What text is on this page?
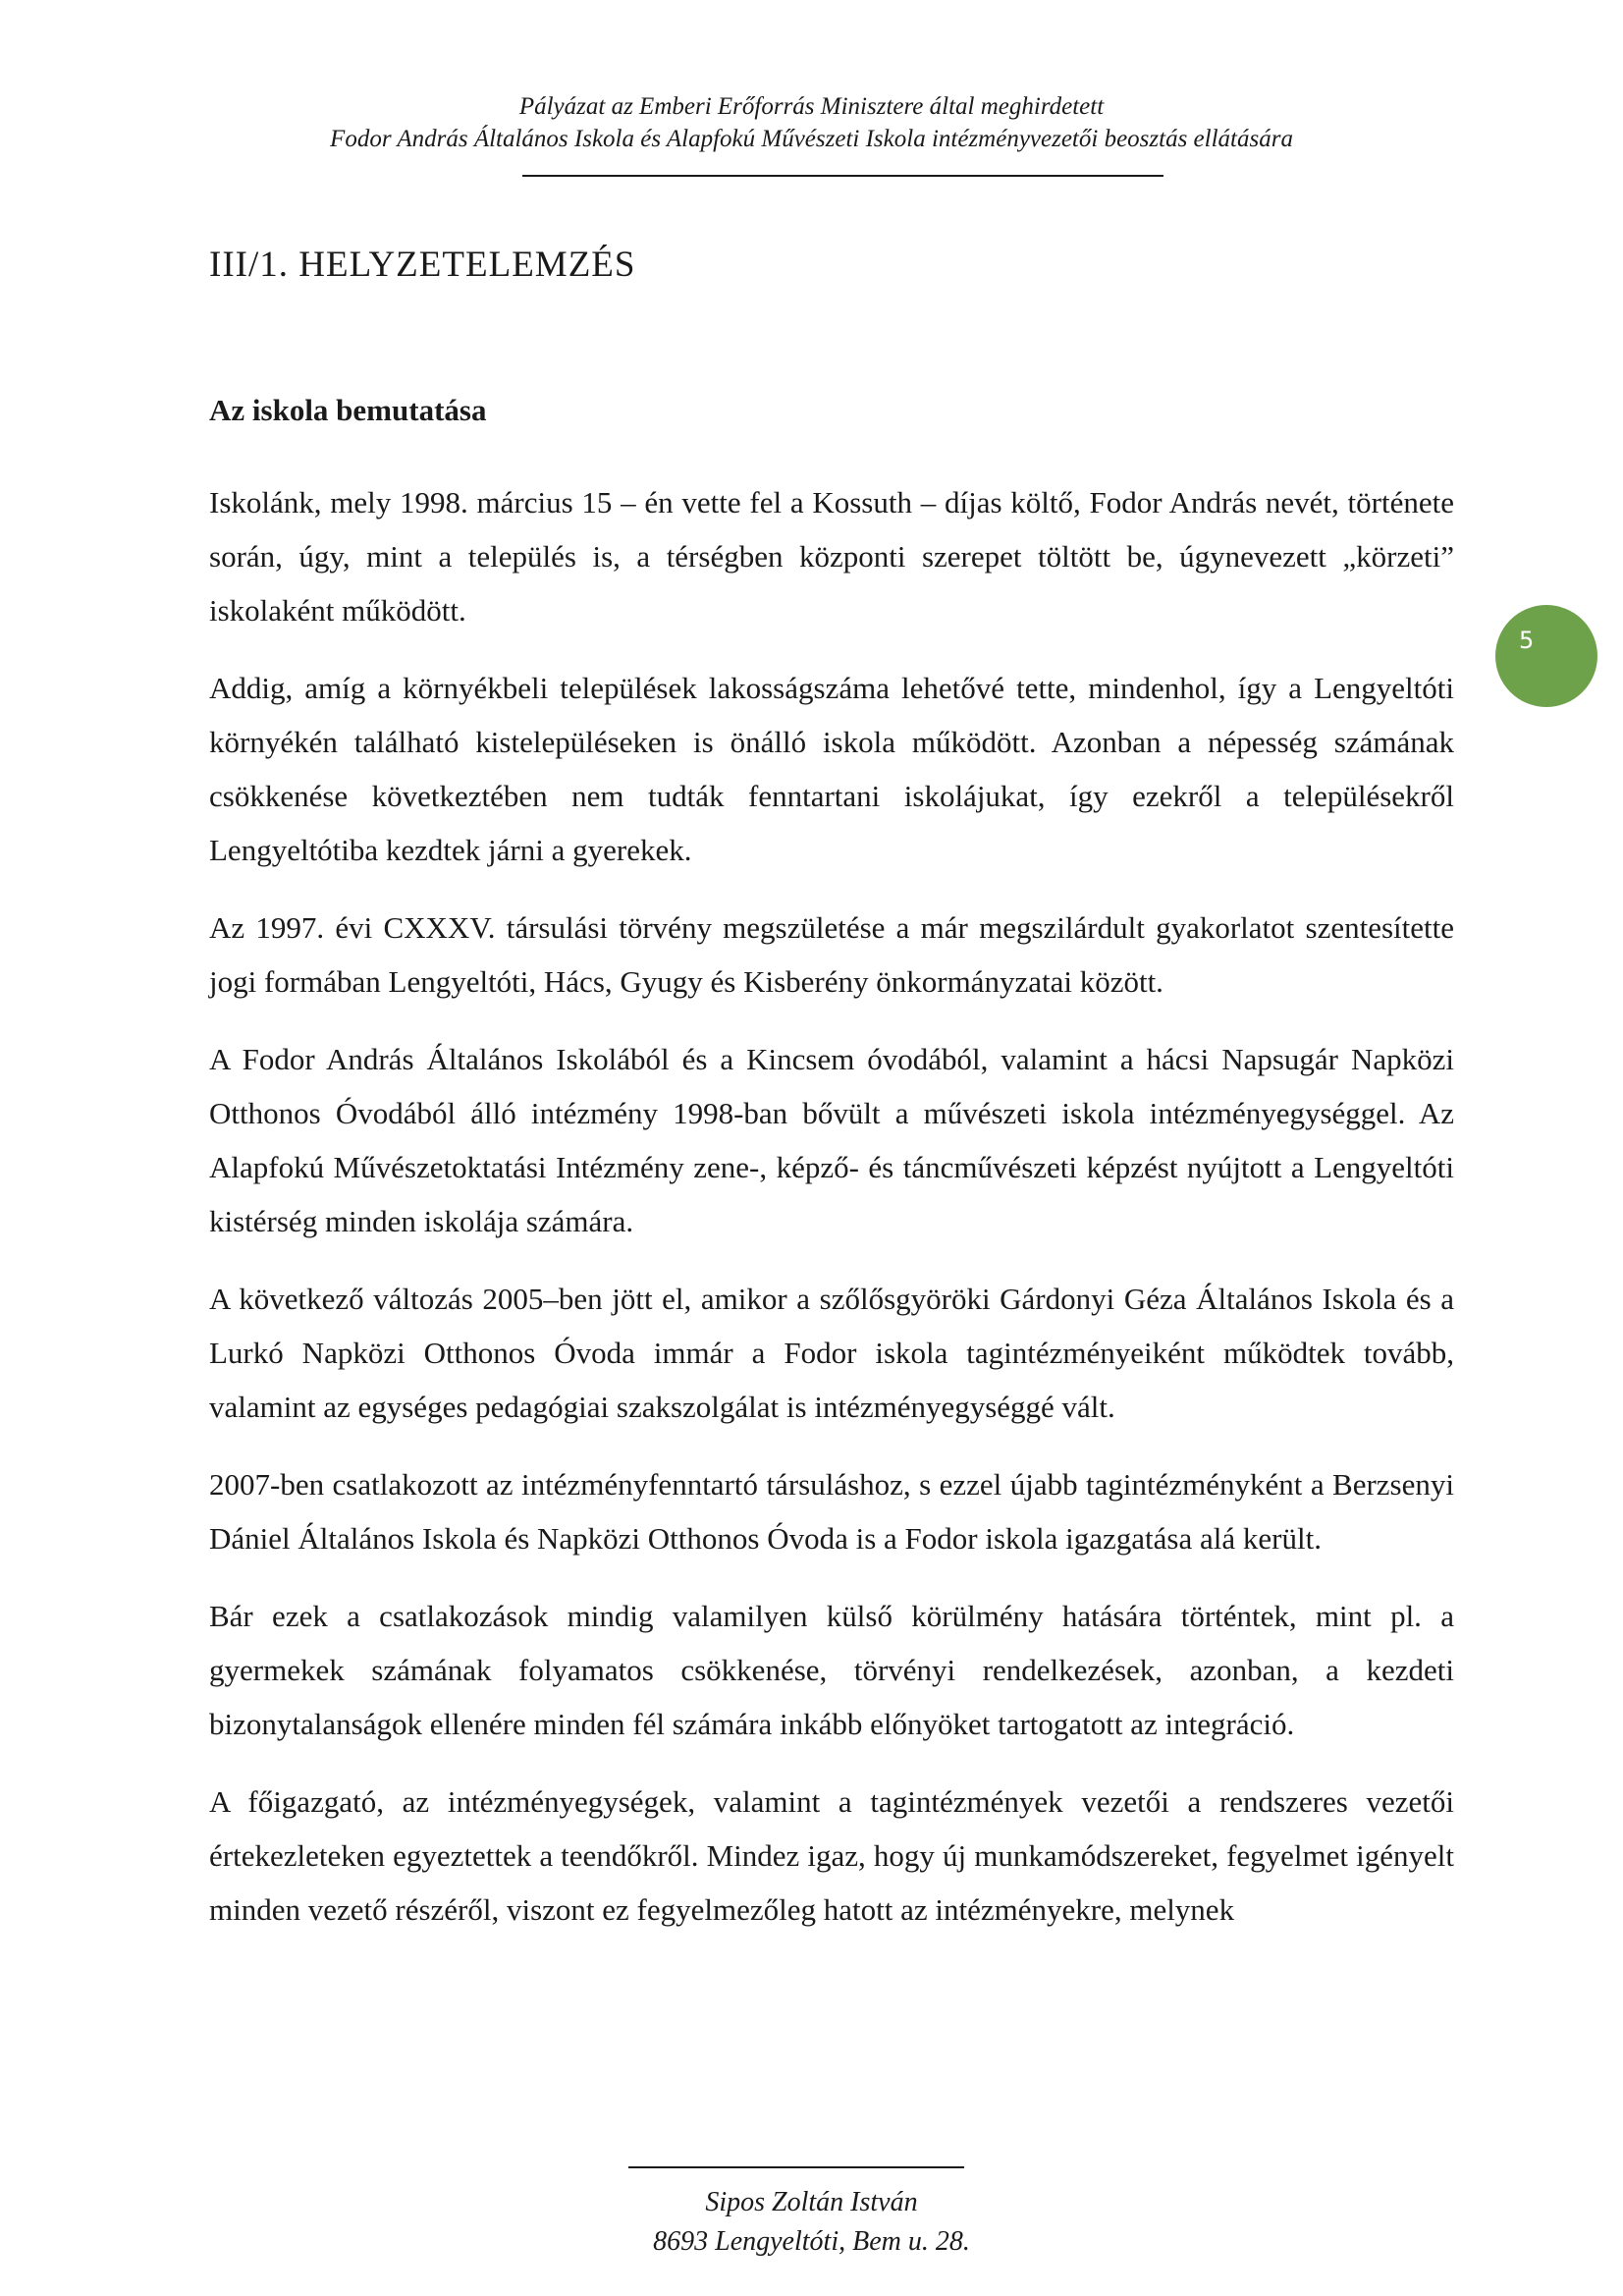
Pályázat az Emberi Erőforrás Minisztere által meghirdetett
Fodor András Általános Iskola és Alapfokú Művészeti Iskola intézményvezetői beosztás ellátására
III/1. HELYZETELEMZÉS
Az iskola bemutatása

Iskolánk, mely 1998. március 15 – én vette fel a Kossuth – díjas költő, Fodor András nevét, története során, úgy, mint a település is, a térségben központi szerepet töltött be, úgynevezett „körzeti” iskolaként működött.

Addig, amíg a környékbeli települések lakosságszáma lehetővé tette, mindenhol, így a Lengyeltóti környékén található kistelepüléseken is önálló iskola működött. Azonban a népesség számának csökkenése következtében nem tudták fenntartani iskolájukat, így ezekről a településekről Lengyeltótiba kezdtek járni a gyerekek.

Az 1997. évi CXXXV. társulási törvény megszületése a már megszilárdult gyakorlatot szentesítette jogi formában Lengyeltóti, Hács, Gyugy és Kisberény önkormányzatai között.

A Fodor András Általános Iskolából és a Kincsem óvodából, valamint a hácsi Napsugár Napközi Otthonos Óvodából álló intézmény 1998-ban bővült a művészeti iskola intézményegységgel. Az Alapfokú Művészetoktatási Intézmény zene-, képző- és táncművészeti képzést nyújtott a Lengyeltóti kistérség minden iskolája számára.

A következő változás 2005–ben jött el, amikor a szőlősgyöröki Gárdonyi Géza Általános Iskola és a Lurkó Napközi Otthonos Óvoda immár a Fodor iskola tagintézményeiként működtek tovább, valamint az egységes pedagógiai szakszolgálat is intézményegységgé vált.

2007-ben csatlakozott az intézményfenntartó társuláshoz, s ezzel újabb tagintézményként a Berzsenyi Dániel Általános Iskola és Napközi Otthonos Óvoda is a Fodor iskola igazgatása alá került.

Bár ezek a csatlakozások mindig valamilyen külső körülmény hatására történtek, mint pl. a gyermekek számának folyamatos csökkenése, törvényi rendelkezések, azonban, a kezdeti bizonytalanságok ellenére minden fél számára inkább előnyöket tartogatott az integráció.

A főigazgató, az intézményegységek, valamint a tagintézmények vezetői a rendszeres vezetői értekezleteken egyeztettek a teendőkről. Mindez igaz, hogy új munkamódszereket, fegyelmet igényelt minden vezető részéről, viszont ez fegyelmezőleg hatott az intézményekre, melynek

5
Sipos Zoltán István
8693 Lengyeltóti, Bem u. 28.
